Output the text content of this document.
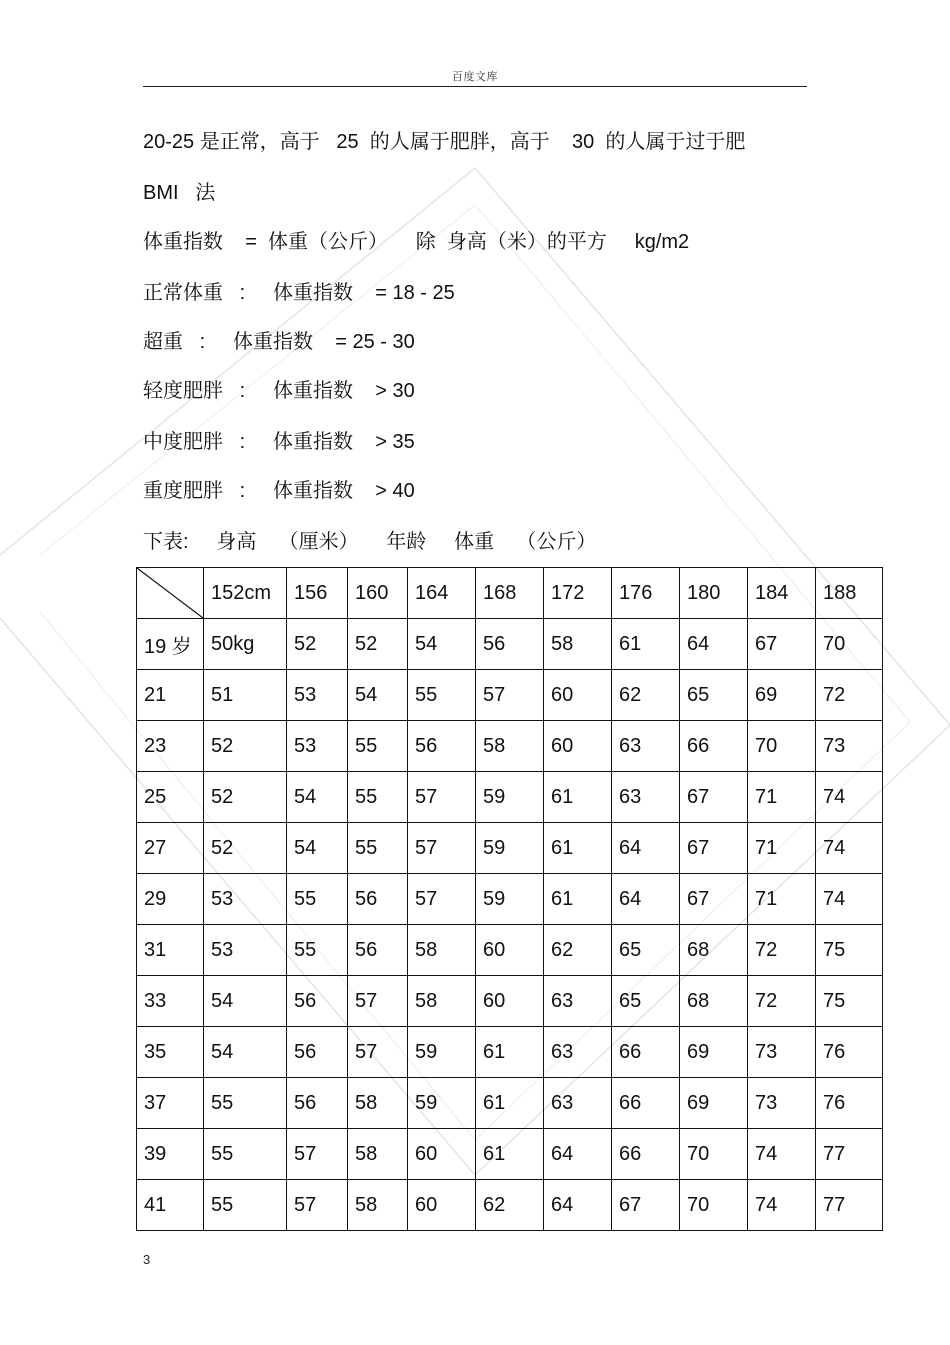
百度文库
20-25 是正常，高于   25  的人属于肥胖，高于    30  的人属于过于肥
BMI   法
体重指数    =  体重（公斤）     除  身高（米）的平方     kg/m2
正常体重   :     体重指数    = 18 - 25
超重   :     体重指数    = 25 - 30
轻度肥胖   :     体重指数    > 30
中度肥胖   :     体重指数    > 35
重度肥胖   :     体重指数    > 40
下表:     身高    （厘米）     年龄     体重    （公斤）
	152cm	156	160	164	168	172	176	180	184	188
19 岁	50kg	52	52	54	56	58	61	64	67	70
21	51	53	54	55	57	60	62	65	69	72
23	52	53	55	56	58	60	63	66	70	73
25	52	54	55	57	59	61	63	67	71	74
27	52	54	55	57	59	61	64	67	71	74
29	53	55	56	57	59	61	64	67	71	74
31	53	55	56	58	60	62	65	68	72	75
33	54	56	57	58	60	63	65	68	72	75
35	54	56	57	59	61	63	66	69	73	76
37	55	56	58	59	61	63	66	69	73	76
39	55	57	58	60	61	64	66	70	74	77
41	55	57	58	60	62	64	67	70	74	77
3
